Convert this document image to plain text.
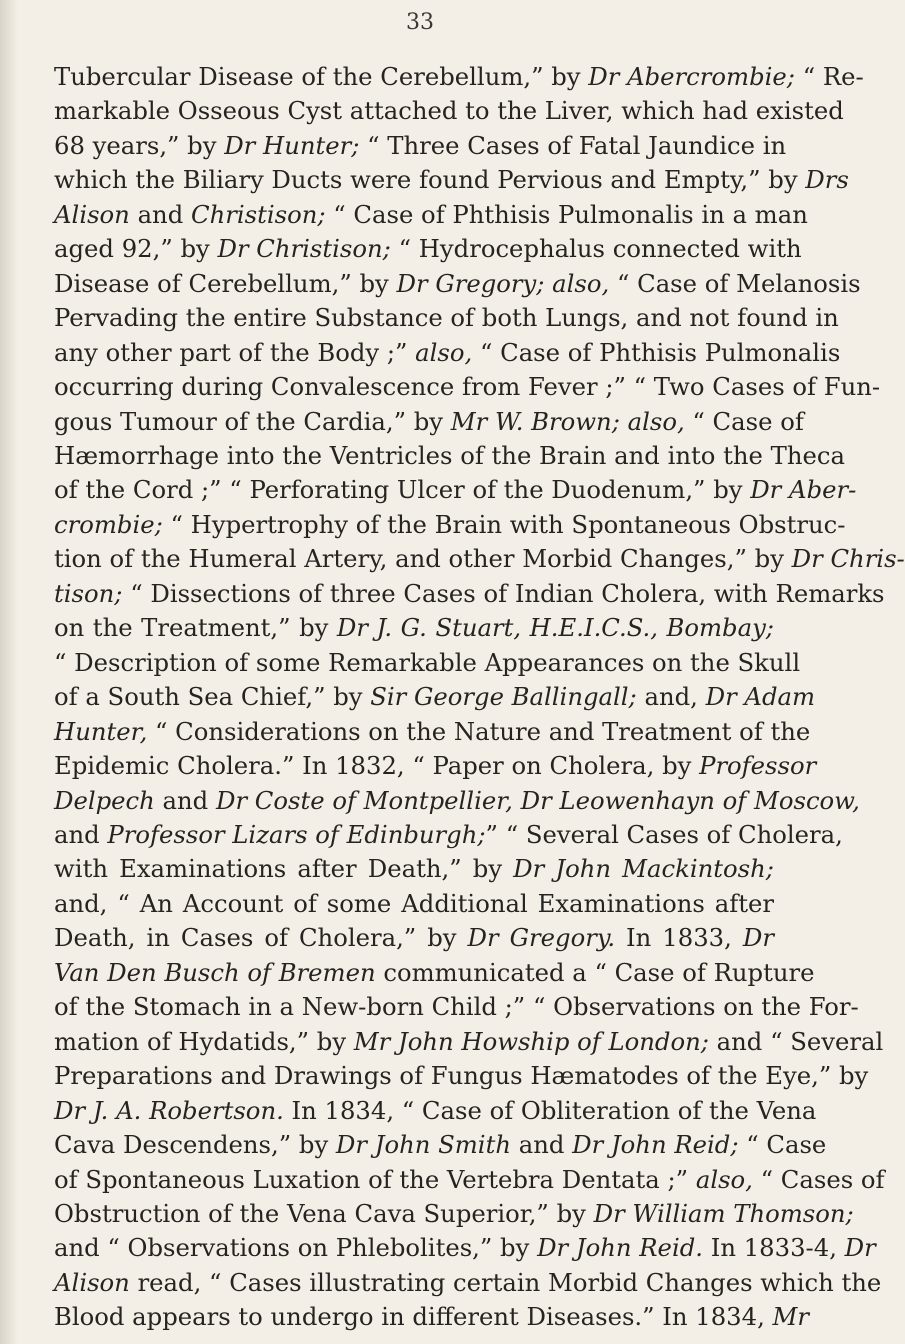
33
Tubercular Disease of the Cerebellum,” by Dr Abercrombie; “ Re-
markable Osseous Cyst attached to the Liver, which had existed
68 years,” by Dr Hunter; “ Three Cases of Fatal Jaundice in
which the Biliary Ducts were found Pervious and Empty,” by Drs
Alison and Christison; “ Case of Phthisis Pulmonalis in a man
aged 92,” by Dr Christison; “ Hydrocephalus connected with
Disease of Cerebellum,” by Dr Gregory; also, “ Case of Melanosis
Pervading the entire Substance of both Lungs, and not found in
any other part of the Body ;” also, “ Case of Phthisis Pulmonalis
occurring during Convalescence from Fever ;” “ Two Cases of Fun-
gous Tumour of the Cardia,” by Mr W. Brown; also, “ Case of
Hæmorrhage into the Ventricles of the Brain and into the Theca
of the Cord ;” “ Perforating Ulcer of the Duodenum,” by Dr Aber-
crombie; “ Hypertrophy of the Brain with Spontaneous Obstruc-
tion of the Humeral Artery, and other Morbid Changes,” by Dr Chris-
tison; “ Dissections of three Cases of Indian Cholera, with Remarks
on the Treatment,” by Dr J. G. Stuart, H.E.I.C.S., Bombay;
“ Description of some Remarkable Appearances on the Skull
of a South Sea Chief,” by Sir George Ballingall; and, Dr Adam
Hunter, “ Considerations on the Nature and Treatment of the
Epidemic Cholera.” In 1832, “ Paper on Cholera, by Professor
Delpech and Dr Coste of Montpellier, Dr Leowenhayn of Moscow,
and Professor Lizars of Edinburgh;” “ Several Cases of Cholera,
with Examinations after Death,” by Dr John Mackintosh;
and, “ An Account of some Additional Examinations after
Death, in Cases of Cholera,” by Dr Gregory. In 1833, Dr
Van Den Busch of Bremen communicated a “ Case of Rupture
of the Stomach in a New-born Child ;” “ Observations on the For-
mation of Hydatids,” by Mr John Howship of London; and “ Several
Preparations and Drawings of Fungus Hæmatodes of the Eye,” by
Dr J. A. Robertson. In 1834, “ Case of Obliteration of the Vena
Cava Descendens,” by Dr John Smith and Dr John Reid; “ Case
of Spontaneous Luxation of the Vertebra Dentata ;” also, “ Cases of
Obstruction of the Vena Cava Superior,” by Dr William Thomson;
and “ Observations on Phlebolites,” by Dr John Reid. In 1833-4, Dr
Alison read, “ Cases illustrating certain Morbid Changes which the
Blood appears to undergo in different Diseases.” In 1834, Mr
